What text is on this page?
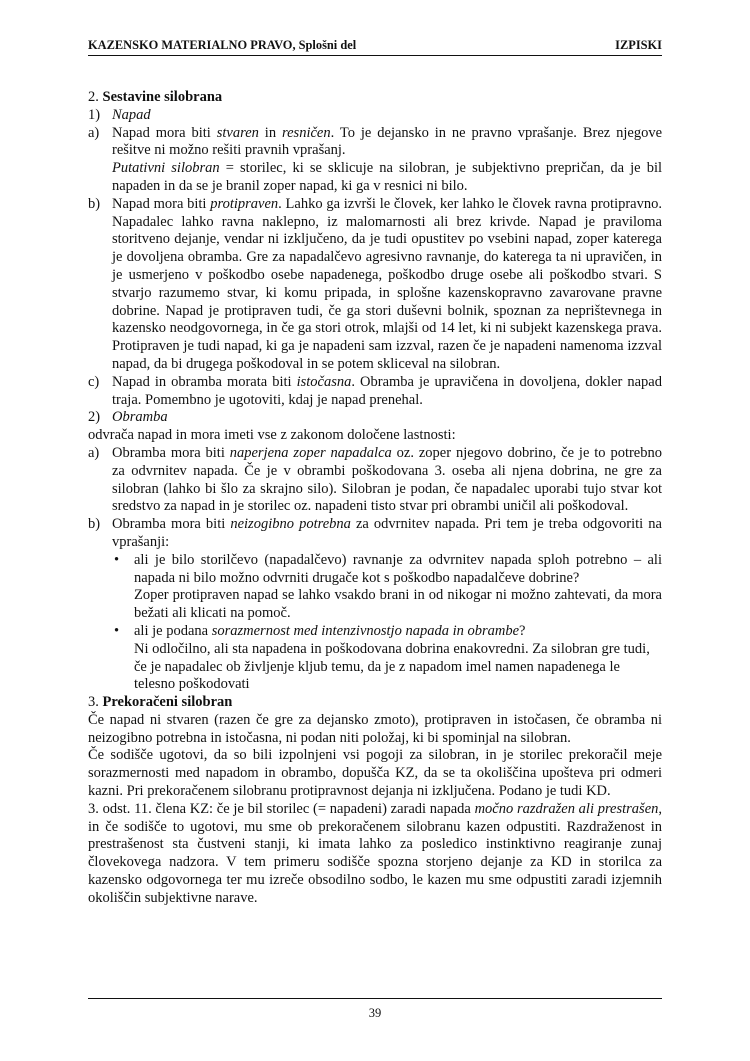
KAZENSKO MATERIALNO PRAVO, Splošni del	IZPISKI

2. Sestavine silobrana

1) Napad
a) Napad mora biti stvaren in resničen. To je dejansko in ne pravno vprašanje. Brez njegove rešitve ni možno rešiti pravnih vprašanj.

Putativni silobran = storilec, ki se sklicuje na silobran, je subjektivno prepričan, da je bil napaden in da se je branil zoper napad, ki ga v resnici ni bilo.

b) Napad mora biti protipraven. Lahko ga izvrši le človek, ker lahko le človek ravna protipravno. Napadalec lahko ravna naklepno, iz malomarnosti ali brez krivde. Napad je praviloma storitveno dejanje, vendar ni izključeno, da je tudi opustitev po vsebini napad, zoper katerega je dovoljena obramba. Gre za napadalčevo agresivno ravnanje, do katerega ta ni upravičen, in je usmerjeno v poškodbo osebe napadenega, poškodbo druge osebe ali poškodbo stvari. S stvarjo razumemo stvar, ki komu pripada, in splošne kazenskopravno zavarovane pravne dobrine. Napad je protipraven tudi, če ga stori duševni bolnik, spoznan za neprištevnega in kazensko neodgovornega, in če ga stori otrok, mlajši od 14 let, ki ni subjekt kazenskega prava. Protipraven je tudi napad, ki ga je napadeni sam izzval, razen če je napadeni namenoma izzval napad, da bi drugega poškodoval in se potem skliceval na silobran.

c) Napad in obramba morata biti istočasna. Obramba je upravičena in dovoljena, dokler napad traja. Pomembno je ugotoviti, kdaj je napad prenehal.

2) Obramba

odvrača napad in mora imeti vse z zakonom določene lastnosti:

a) Obramba mora biti naperjena zoper napadalca oz. zoper njegovo dobrino, če je to potrebno za odvrnitev napada. Če je v obrambi poškodovana 3. oseba ali njena dobrina, ne gre za silobran (lahko bi šlo za skrajno silo). Silobran je podan, če napadalec uporabi tujo stvar kot sredstvo za napad in je storilec oz. napadeni tisto stvar pri obrambi uničil ali poškodoval.

b) Obramba mora biti neizogibno potrebna za odvrnitev napada. Pri tem je treba odgovoriti na vprašanji:

•	ali je bilo storilčevo (napadalčevo) ravnanje za odvrnitev napada sploh potrebno – ali napada ni bilo možno odvrniti drugače kot s poškodbo napadalčeve dobrine?

Zoper protipraven napad se lahko vsakdo brani in od nikogar ni možno zahtevati, da mora bežati ali klicati na pomoč.

•	ali je podana sorazmernost med intenzivnostjo napada in obrambe?

Ni odločilno, ali sta napadena in poškodovana dobrina enakovredni. Za silobran gre tudi, če je napadalec ob življenje kljub temu, da je z napadom imel namen napadenega le telesno poškodovati

3. Prekoračeni silobran

Če napad ni stvaren (razen če gre za dejansko zmoto), protipraven in istočasen, če obramba ni neizogibno potrebna in istočasna, ni podan niti položaj, ki bi spominjal na silobran.

Če sodišče ugotovi, da so bili izpolnjeni vsi pogoji za silobran, in je storilec prekoračil meje sorazmernosti med napadom in obrambo, dopušča KZ, da se ta okoliščina upošteva pri odmeri kazni. Pri prekoračenem silobranu protipravnost dejanja ni izključena. Podano je tudi KD.

3. odst. 11. člena KZ: če je bil storilec (= napadeni) zaradi napada močno razdražen ali prestrašen, in če sodišče to ugotovi, mu sme ob prekoračenem silobranu kazen odpustiti. Razdraženost in prestrašenost sta čustveni stanji, ki imata lahko za posledico instinktivno reagiranje zunaj človekovega nadzora. V tem primeru sodišče spozna storjeno dejanje za KD in storilca za kazensko odgovornega ter mu izreče obsodilno sodbo, le kazen mu sme odpustiti zaradi izjemnih okoliščin subjektivne narave.

39
